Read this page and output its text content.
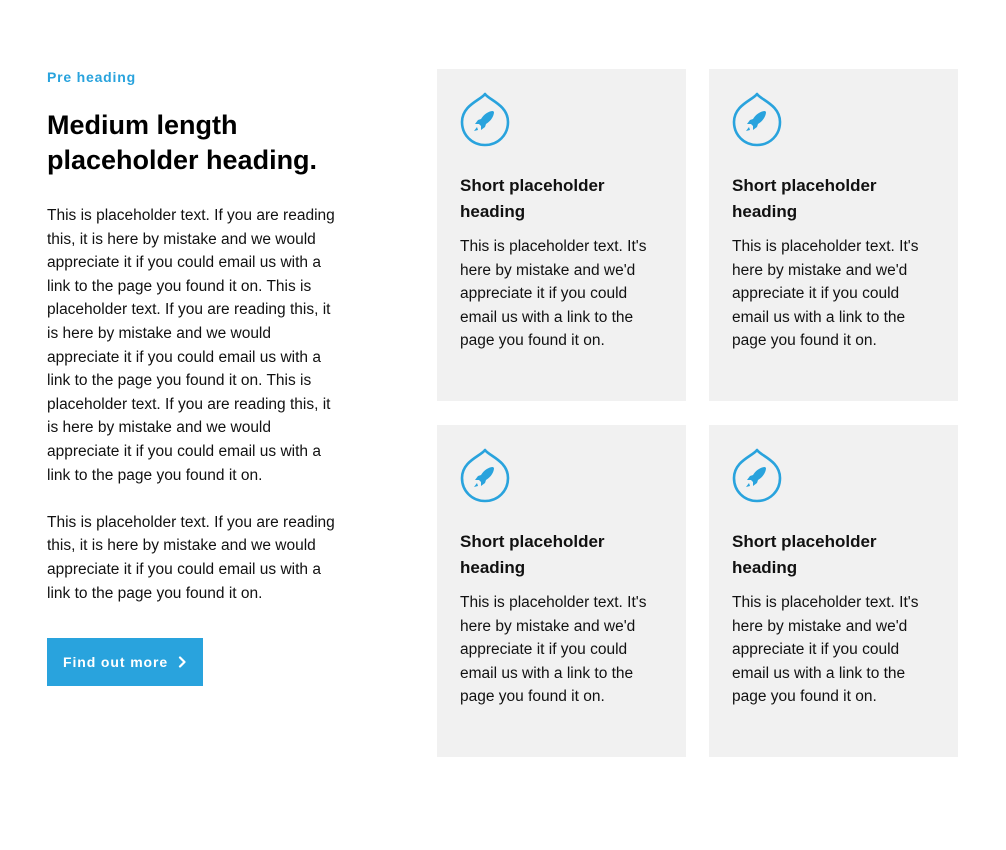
Pre heading
Medium length placeholder heading.

This is placeholder text. If you are reading this, it is here by mistake and we would appreciate it if you could email us with a link to the page you found it on. This is placeholder text. If you are reading this, it is here by mistake and we would appreciate it if you could email us with a link to the page you found it on. This is placeholder text. If you are reading this, it is here by mistake and we would appreciate it if you could email us with a link to the page you found it on.

This is placeholder text. If you are reading this, it is here by mistake and we would appreciate it if you could email us with a link to the page you found it on.

Find out more
Short placeholder heading

This is placeholder text. It's here by mistake and we'd appreciate it if you could email us with a link to the page you found it on.

Short placeholder heading

This is placeholder text. It's here by mistake and we'd appreciate it if you could email us with a link to the page you found it on.

Short placeholder heading

This is placeholder text. It's here by mistake and we'd appreciate it if you could email us with a link to the page you found it on.

Short placeholder heading

This is placeholder text. It's here by mistake and we'd appreciate it if you could email us with a link to the page you found it on.
